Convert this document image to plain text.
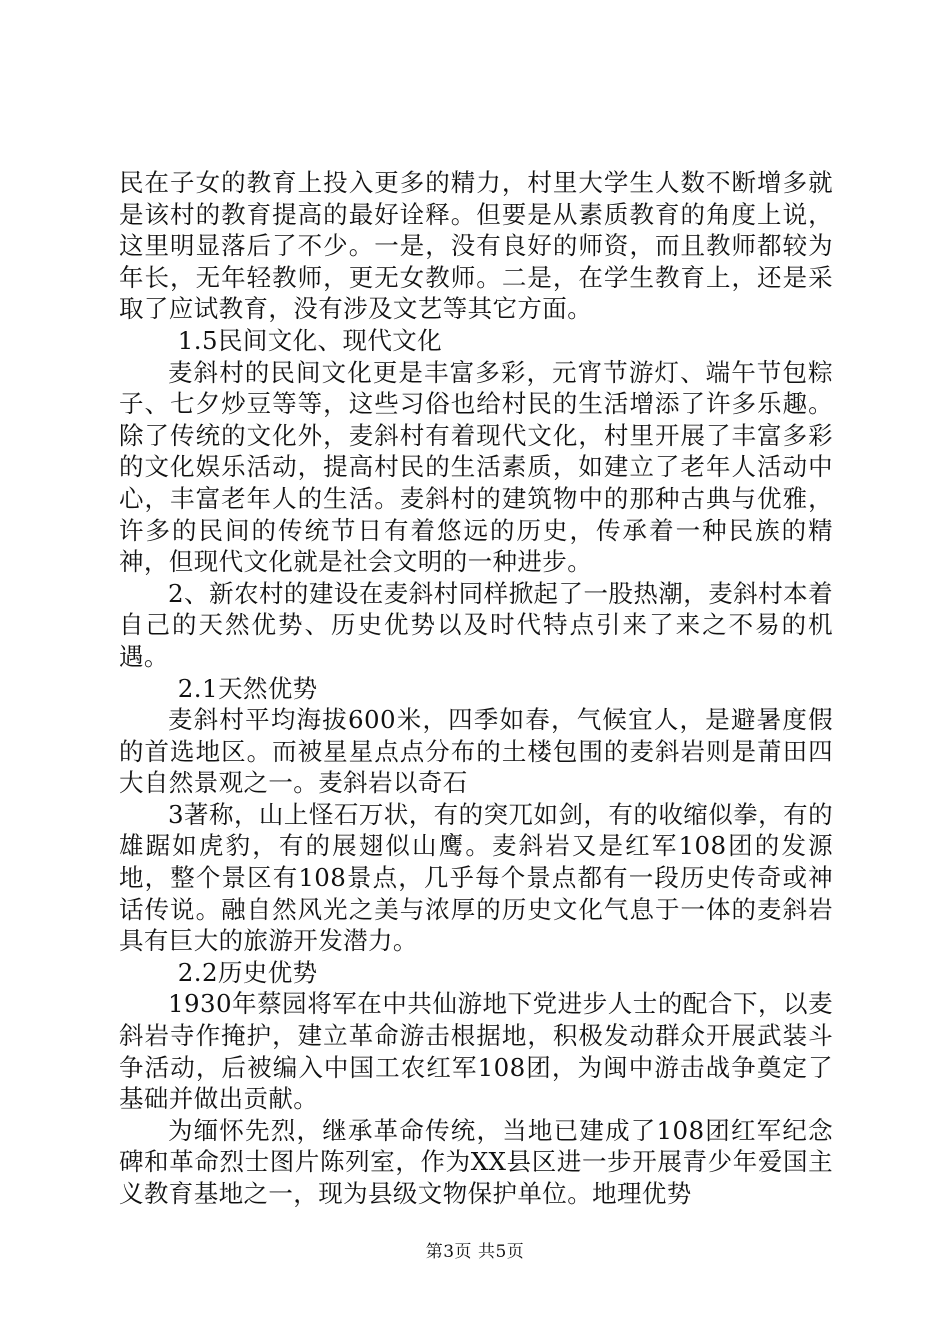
民在子女的教育上投入更多的精力，村里大学生人数不断增多就是该村的教育提高的最好诠释。但要是从素质教育的角度上说，这里明显落后了不少。一是，没有良好的师资，而且教师都较为年长，无年轻教师，更无女教师。二是，在学生教育上，还是采取了应试教育，没有涉及文艺等其它方面。

1.5民间文化、现代文化

麦斜村的民间文化更是丰富多彩，元宵节游灯、端午节包粽子、七夕炒豆等等，这些习俗也给村民的生活增添了许多乐趣。除了传统的文化外，麦斜村有着现代文化，村里开展了丰富多彩的文化娱乐活动，提高村民的生活素质，如建立了老年人活动中心，丰富老年人的生活。麦斜村的建筑物中的那种古典与优雅，许多的民间的传统节日有着悠远的历史，传承着一种民族的精神，但现代文化就是社会文明的一种进步。

2、新农村的建设在麦斜村同样掀起了一股热潮，麦斜村本着自己的天然优势、历史优势以及时代特点引来了来之不易的机遇。

2.1天然优势

麦斜村平均海拔600米，四季如春，气候宜人，是避暑度假的首选地区。而被星星点点分布的土楼包围的麦斜岩则是莆田四大自然景观之一。麦斜岩以奇石

3著称，山上怪石万状，有的突兀如剑，有的收缩似拳，有的雄踞如虎豹，有的展翅似山鹰。麦斜岩又是红军108团的发源地，整个景区有108景点，几乎每个景点都有一段历史传奇或神话传说。融自然风光之美与浓厚的历史文化气息于一体的麦斜岩具有巨大的旅游开发潜力。

2.2历史优势

1930年蔡园将军在中共仙游地下党进步人士的配合下，以麦斜岩寺作掩护，建立革命游击根据地，积极发动群众开展武装斗争活动，后被编入中国工农红军108团，为闽中游击战争奠定了基础并做出贡献。

为缅怀先烈，继承革命传统，当地已建成了108团红军纪念碑和革命烈士图片陈列室，作为XX县区进一步开展青少年爱国主义教育基地之一，现为县级文物保护单位。地理优势

第3页 共5页
